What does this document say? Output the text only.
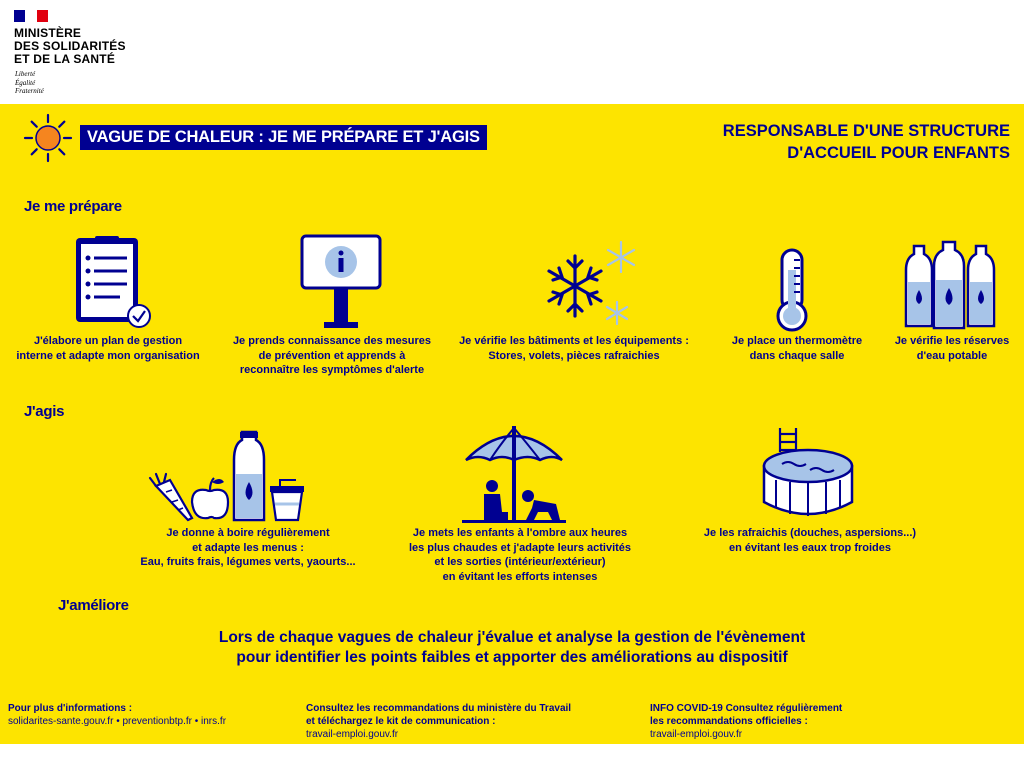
MINISTÈRE
DES SOLIDARITÉS
ET DE LA SANTÉ
Liberté
Égalité
Fraternité
VAGUE DE CHALEUR : JE ME PRÉPARE ET J'AGIS	RESPONSABLE D'UNE STRUCTURE
D'ACCUEIL POUR ENFANTS
Je me prépare
J'élabore un plan de gestion
interne et adapte mon organisation
Je prends connaissance des mesures
de prévention et apprends à
reconnaître les symptômes d'alerte
Je vérifie les bâtiments et les équipements :
Stores, volets, pièces rafraichies
Je place un thermomètre
dans chaque salle
Je vérifie les réserves
d'eau potable
J'agis
Je donne à boire régulièrement
et adapte les menus :
Eau, fruits frais, légumes verts, yaourts...
Je mets les enfants à l'ombre aux heures
les plus chaudes et j'adapte leurs activités
et les sorties (intérieur/extérieur)
en évitant les efforts intenses
Je les rafraichis (douches, aspersions...)
en évitant les eaux trop froides
J'améliore
Lors de chaque vagues de chaleur j'évalue et analyse la gestion de l'évènement
pour identifier les points faibles et apporter des améliorations au dispositif
Pour plus d'informations :
solidarites-sante.gouv.fr • preventionbtp.fr • inrs.fr
Consultez les recommandations du ministère du Travail
et téléchargez le kit de communication :
travail-emploi.gouv.fr
INFO COVID-19 Consultez régulièrement
les recommandations officielles :
travail-emploi.gouv.fr
